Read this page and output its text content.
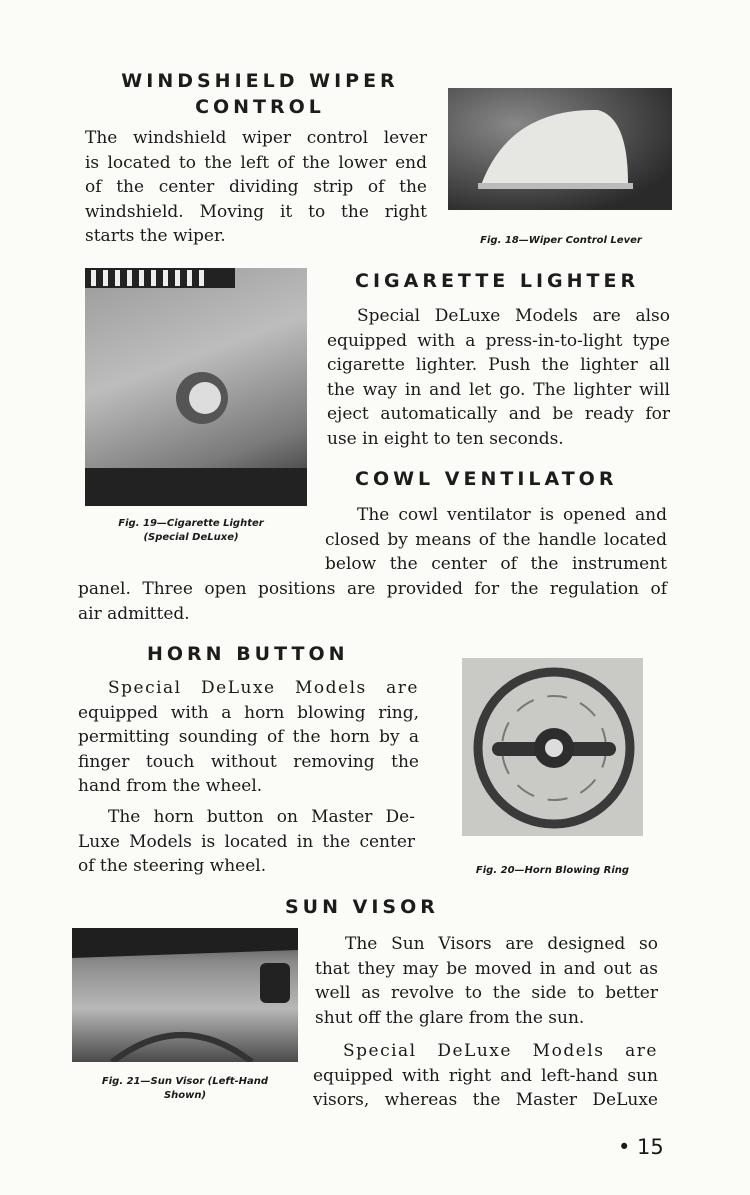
WINDSHIELD WIPER
CONTROL
The windshield wiper control lever
is located to the left of the lower end
of the center dividing strip of the
windshield. Moving it to the right
starts the wiper.	Fig. 18—Wiper Control Lever
Fig. 19—Cigarette Lighter
(Special DeLuxe)
CIGARETTE LIGHTER
Special DeLuxe Models are also
equipped with a press-in-to-light type
cigarette lighter. Push the lighter all
the way in and let go. The lighter will
eject automatically and be ready for
use in eight to ten seconds.
COWL VENTILATOR
The cowl ventilator is opened and
closed by means of the handle located
below the center of the instrument
panel. Three open positions are provided for the regulation of
air admitted.
HORN BUTTON
Special DeLuxe Models are
equipped with a horn blowing ring,
permitting sounding of the horn by a
finger touch without removing the
hand from the wheel.
The horn button on Master De-
Luxe Models is located in the center
of the steering wheel.	Fig. 20—Horn Blowing Ring
SUN VISOR
Fig. 21—Sun Visor (Left-Hand
Shown)
The Sun Visors are designed so
that they may be moved in and out as
well as revolve to the side to better
shut off the glare from the sun.
Special DeLuxe Models are
equipped with right and left-hand sun
visors, whereas the Master DeLuxe
• 15
